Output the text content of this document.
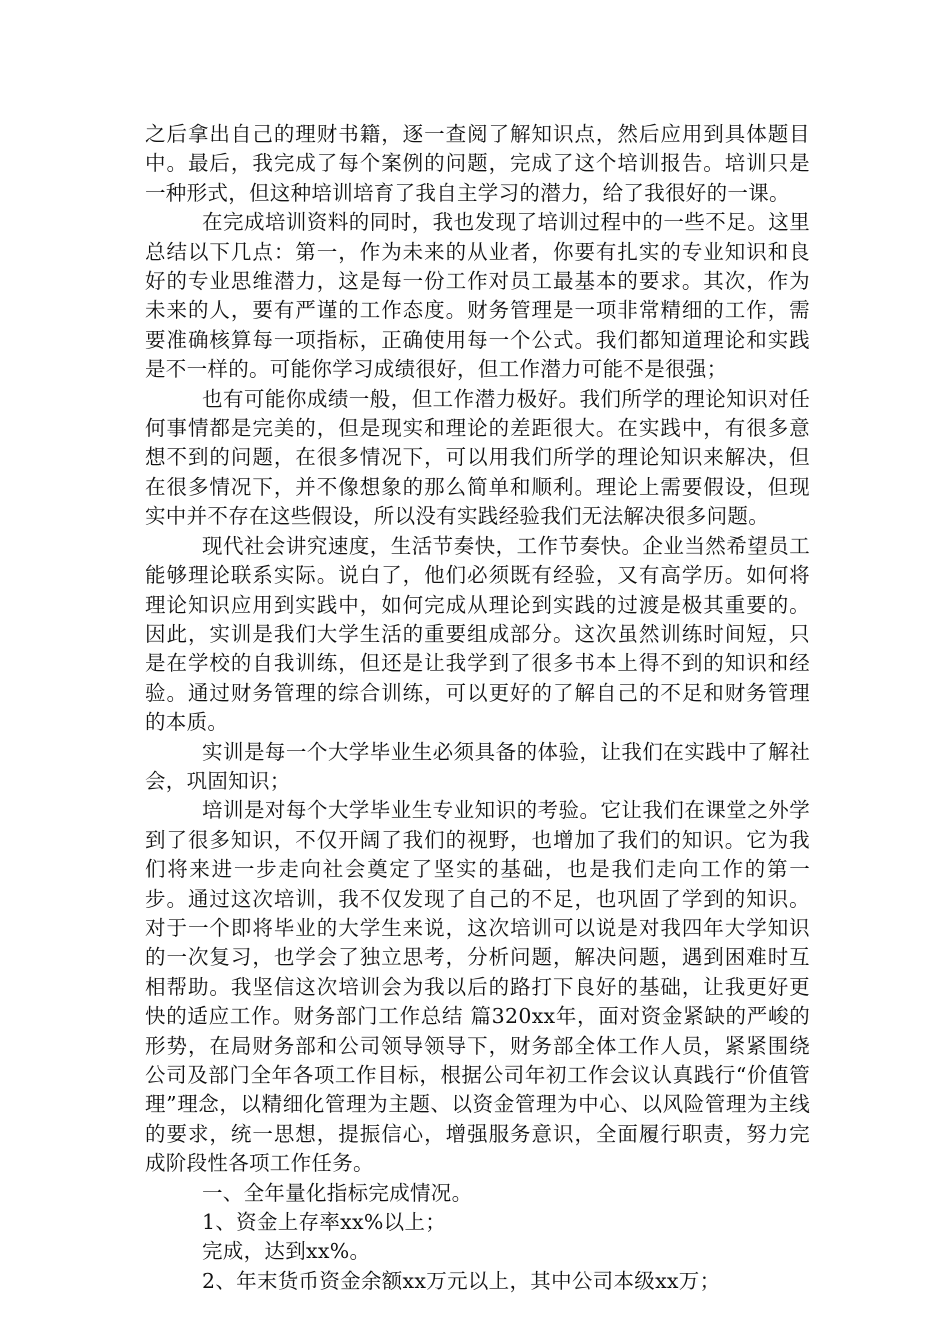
之后拿出自己的理财书籍，逐一查阅了解知识点，然后应用到具体题目中。最后，我完成了每个案例的问题，完成了这个培训报告。培训只是一种形式，但这种培训培育了我自主学习的潜力，给了我很好的一课。

在完成培训资料的同时，我也发现了培训过程中的一些不足。这里总结以下几点：第一，作为未来的从业者，你要有扎实的专业知识和良好的专业思维潜力，这是每一份工作对员工最基本的要求。其次，作为未来的人，要有严谨的工作态度。财务管理是一项非常精细的工作，需要准确核算每一项指标，正确使用每一个公式。我们都知道理论和实践是不一样的。可能你学习成绩很好，但工作潜力可能不是很强；

也有可能你成绩一般，但工作潜力极好。我们所学的理论知识对任何事情都是完美的，但是现实和理论的差距很大。在实践中，有很多意想不到的问题，在很多情况下，可以用我们所学的理论知识来解决，但在很多情况下，并不像想象的那么简单和顺利。理论上需要假设，但现实中并不存在这些假设，所以没有实践经验我们无法解决很多问题。

现代社会讲究速度，生活节奏快，工作节奏快。企业当然希望员工能够理论联系实际。说白了，他们必须既有经验，又有高学历。如何将理论知识应用到实践中，如何完成从理论到实践的过渡是极其重要的。因此，实训是我们大学生活的重要组成部分。这次虽然训练时间短，只是在学校的自我训练，但还是让我学到了很多书本上得不到的知识和经验。通过财务管理的综合训练，可以更好的了解自己的不足和财务管理的本质。

实训是每一个大学毕业生必须具备的体验，让我们在实践中了解社会，巩固知识；

培训是对每个大学毕业生专业知识的考验。它让我们在课堂之外学到了很多知识，不仅开阔了我们的视野，也增加了我们的知识。它为我们将来进一步走向社会奠定了坚实的基础，也是我们走向工作的第一步。通过这次培训，我不仅发现了自己的不足，也巩固了学到的知识。对于一个即将毕业的大学生来说，这次培训可以说是对我四年大学知识的一次复习，也学会了独立思考，分析问题，解决问题，遇到困难时互相帮助。我坚信这次培训会为我以后的路打下良好的基础，让我更好更快的适应工作。财务部门工作总结 篇320xx年，面对资金紧缺的严峻的形势，在局财务部和公司领导领导下，财务部全体工作人员，紧紧围绕公司及部门全年各项工作目标，根据公司年初工作会议认真践行“价值管理”理念，以精细化管理为主题、以资金管理为中心、以风险管理为主线的要求，统一思想，提振信心，增强服务意识，全面履行职责，努力完成阶段性各项工作任务。

一、全年量化指标完成情况。

1、资金上存率xx%以上；

完成，达到xx%。

2、年末货币资金余额xx万元以上，其中公司本级xx万；
